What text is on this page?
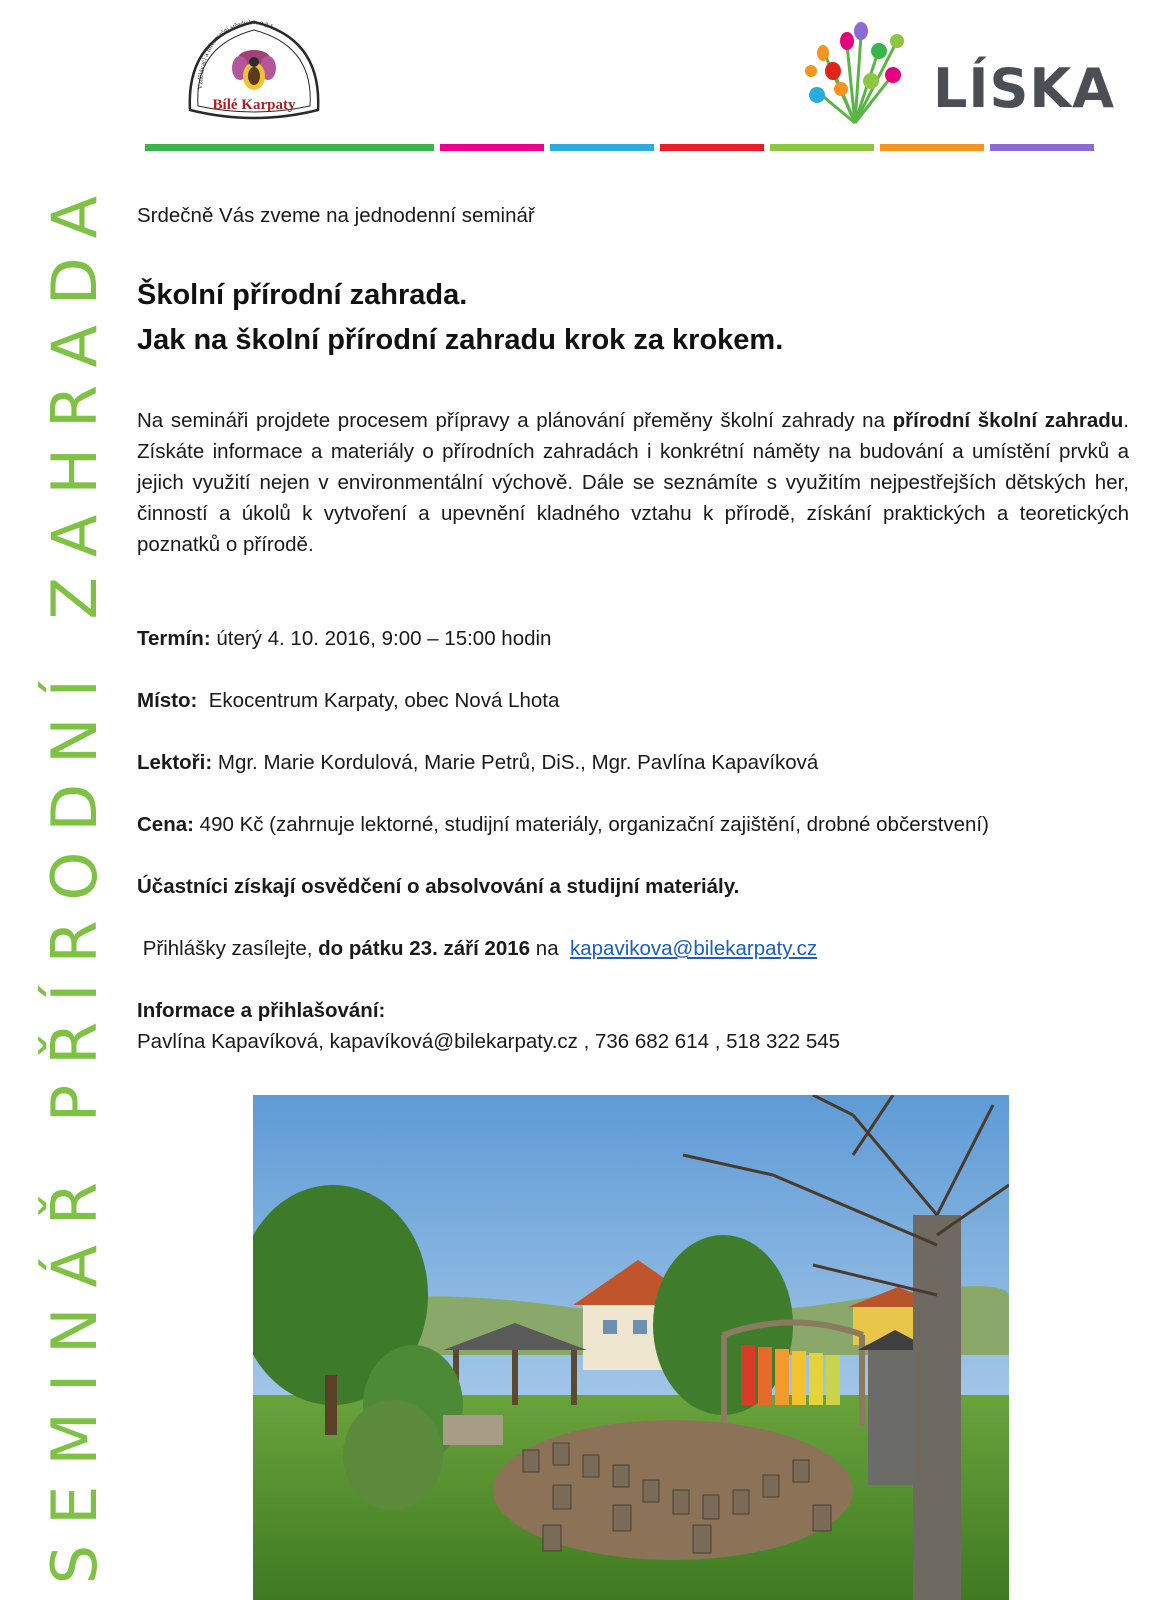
SEMINÁŘ PŘÍRODNÍ ZAHRADA
Vzdělávací a informační středisko, o.p.s.
Bílé Karpaty	LÍSKA

Srdečně Vás zveme na jednodenní seminář

Školní přírodní zahrada.
Jak na školní přírodní zahradu krok za krokem.

Na semináři projdete procesem přípravy a plánování přeměny školní zahrady na přírodní školní zahradu. Získáte informace a materiály o přírodních zahradách i konkrétní náměty na budování a umístění prvků a jejich využití nejen v environmentální výchově. Dále se seznámíte s využitím nejpestřejších dětských her, činností a úkolů k vytvoření a upevnění kladného vztahu k přírodě, získání praktických a teoretických poznatků o přírodě.

Termín: úterý 4. 10. 2016, 9:00 – 15:00 hodin

Místo:  Ekocentrum Karpaty, obec Nová Lhota

Lektoři: Mgr. Marie Kordulová, Marie Petrů, DiS., Mgr. Pavlína Kapavíková

Cena: 490 Kč (zahrnuje lektorné, studijní materiály, organizační zajištění, drobné občerstvení)

Účastníci získají osvědčení o absolvování a studijní materiály.

Přihlášky zasílejte, do pátku 23. září 2016 na  kapavikova@bilekarpaty.cz

Informace a přihlašování:

Pavlína Kapavíková, kapavíková@bilekarpaty.cz , 736 682 614 , 518 322 545
